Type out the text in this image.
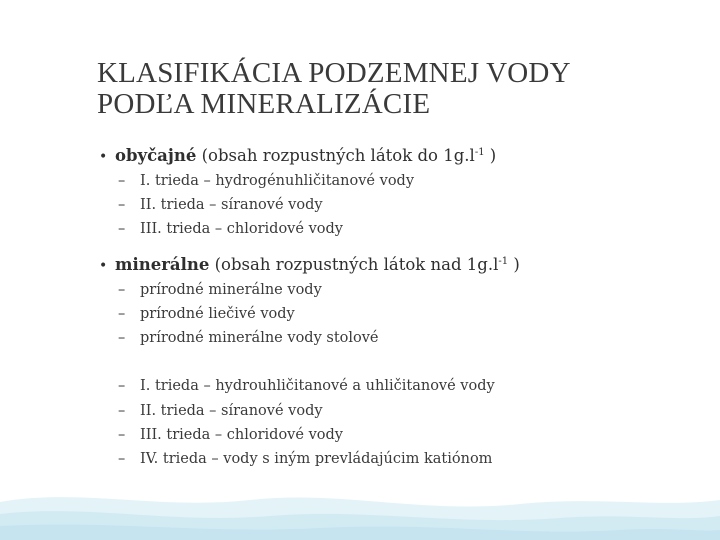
KLASIFIKÁCIA PODZEMNEJ VODY
PODĽA MINERALIZÁCIE
• obyčajné (obsah rozpustných látok do $1g.l^{-1}$ )
– I. trieda – hydrogénuhličitanové vody
– II. trieda – síranové vody
– III. trieda – chloridové vody
• minerálne (obsah rozpustných látok nad $1g.l^{-1}$ )
– prírodné minerálne vody
– prírodné liečivé vody
– prírodné minerálne vody stolové
– I. trieda – hydrouhličitanové a uhličitanové vody
– II. trieda – síranové vody
– III. trieda – chloridové vody
– IV. trieda – vody s iným prevládajúcim katiónom
